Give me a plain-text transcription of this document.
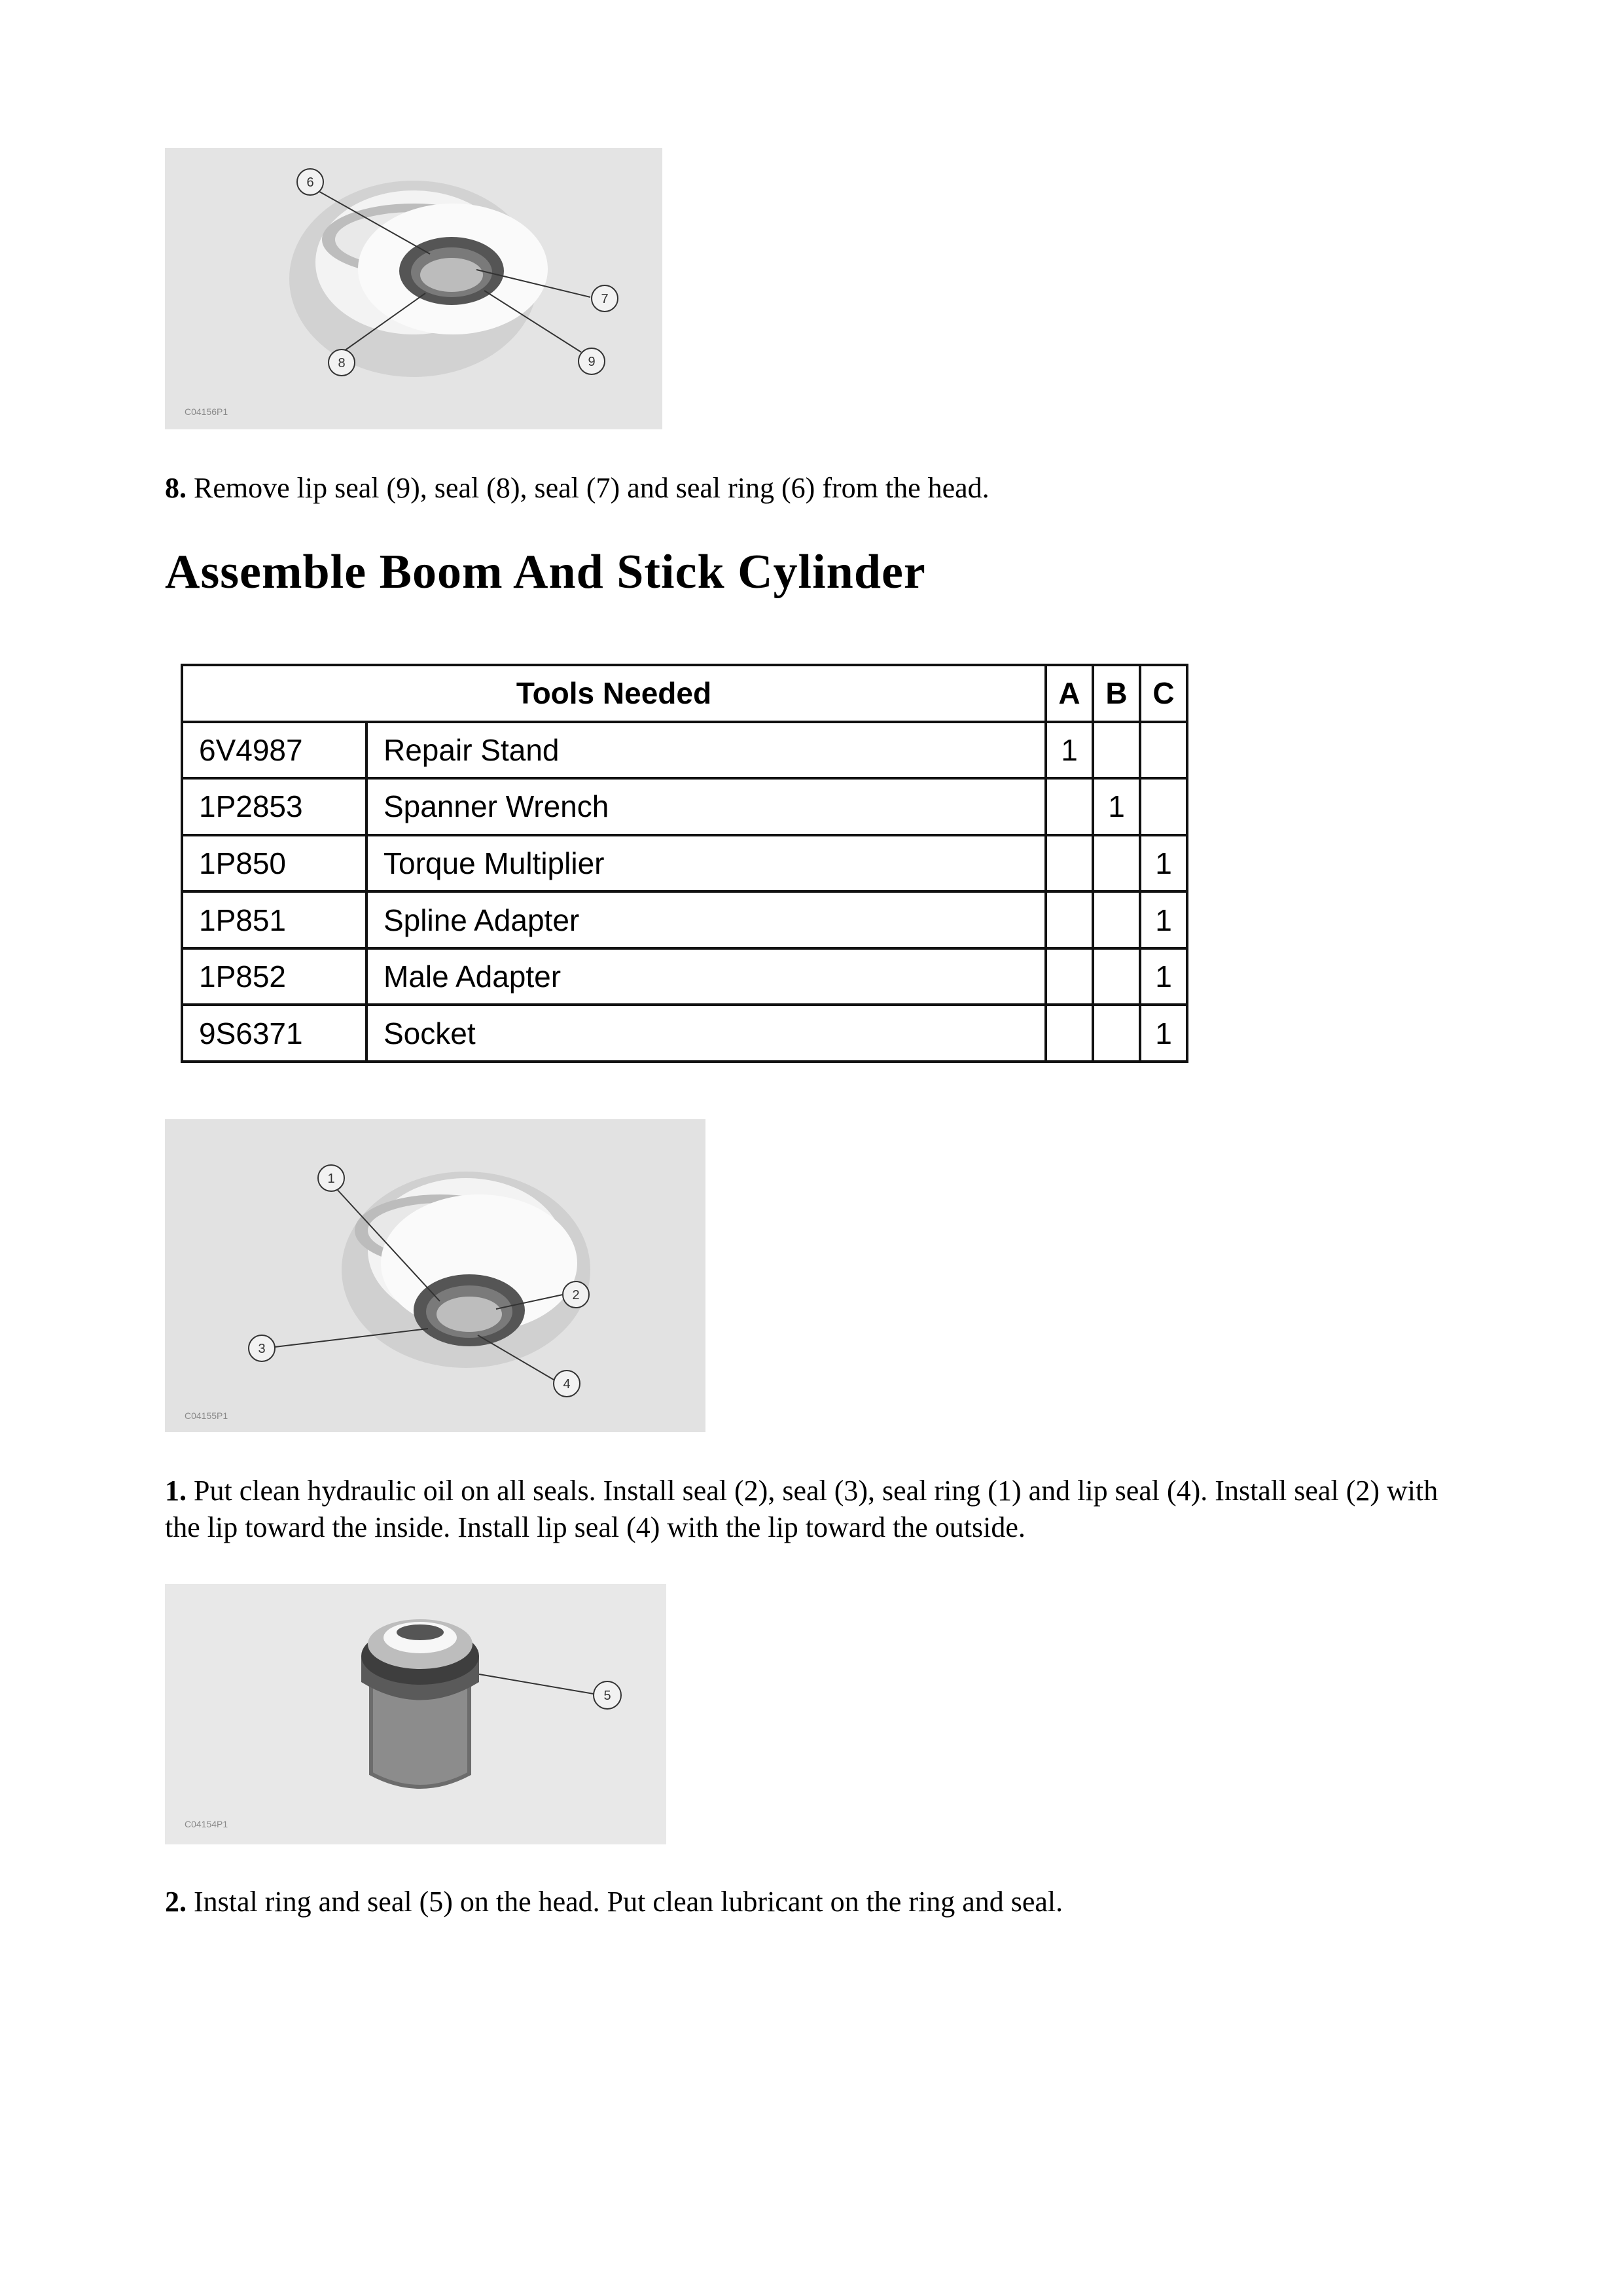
6
7
8	9
C04156P1

8. Remove lip seal (9), seal (8), seal (7) and seal ring (6) from the head.

Assemble Boom And Stick Cylinder
Tools Needed		A	B	C
6V4987	Repair Stand	1		
1P2853	Spanner Wrench		1	
1P850	Torque Multiplier			1
1P851	Spline Adapter			1
1P852	Male Adapter			1
9S6371	Socket			1
1
2
3
4
C04155P1

1. Put clean hydraulic oil on all seals. Install seal (2), seal (3), seal ring (1) and lip seal (4). Install seal (2) with the lip toward the inside. Install lip seal (4) with the lip toward the outside.

5
C04154P1

2. Instal ring and seal (5) on the head. Put clean lubricant on the ring and seal.
